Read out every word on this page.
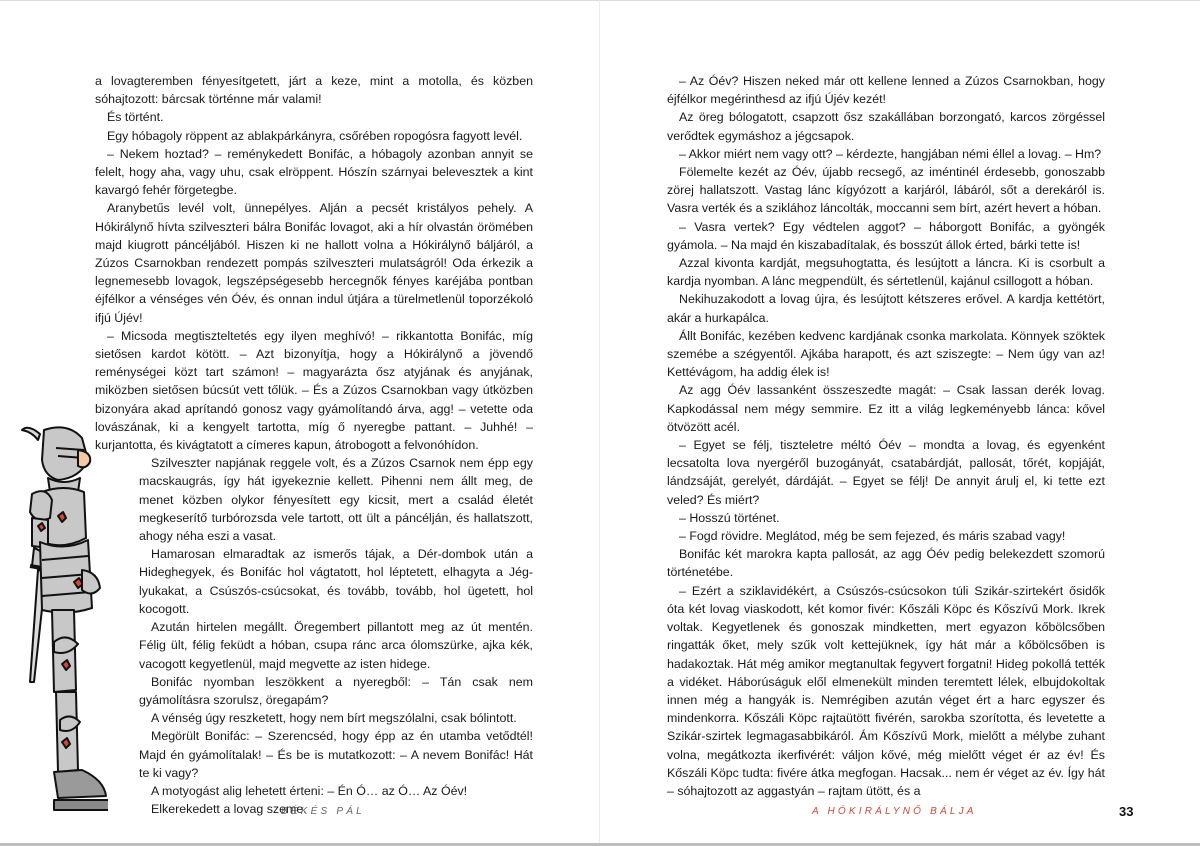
a lovagteremben fényesítgetett, járt a keze, mint a motolla, és közben sóhajtozott: bárcsak történne már valami!

És történt.

Egy hóbagoly röppent az ablakpárkányra, csőrében ropogósra fagyott levél.

– Nekem hoztad? – reménykedett Bonifác, a hóbagoly azonban annyit se felelt, hogy aha, vagy uhu, csak elröppent. Hószín szárnyai belevesztek a kint kavargó fehér förgetegbe.

Aranybetűs levél volt, ünnepélyes. Alján a pecsét kristályos pehely. A Hókirálynő hívta szilveszteri bálra Bonifác lovagot, aki a hír olvastán örömében majd kiugrott páncéljából. Hiszen ki ne hallott volna a Hókirálynő báljáról, a Zúzos Csarnokban rendezett pompás szilveszteri mulatságról! Oda érkezik a legnemesebb lovagok, legszépségesebb hercegnők fényes karéjába pontban éjfélkor a vénséges vén Óév, és onnan indul útjára a türelmetlenül toporzékoló ifjú Újév!

– Micsoda megtiszteltetés egy ilyen meghívó! – rikkantotta Bonifác, míg sietősen kardot kötött. – Azt bizonyítja, hogy a Hókirálynő a jövendő reménységei közt tart számon! – magyarázta ősz atyjának és anyjának, miközben sietősen búcsút vett tőlük. – És a Zúzos Csarnokban vagy útközben bizonyára akad aprítandó gonosz vagy gyámolítandó árva, agg! – vetette oda lovászának, ki a kengyelt tartotta, míg ő nyeregbe pattant. – Juhhé! – kurjantotta, és kivágtatott a címeres kapun, átrobogott a felvonóhídon.

Szilveszter napjának reggele volt, és a Zúzos Csarnok nem épp egy macskaugrás, így hát igyekeznie kellett. Pihenni nem állt meg, de menet közben olykor fényesített egy kicsit, mert a család életét megkeserítő turbórozsda vele tartott, ott ült a páncélján, és hallatszott, ahogy néha eszi a vasat.

Hamarosan elmaradtak az ismerős tájak, a Dér-dombok után a Hideghegyek, és Bonifác hol vágtatott, hol léptetett, elhagyta a Jég-lyukakat, a Csúszós-csúcsokat, és tovább, tovább, hol ügetett, hol kocogott.

Azután hirtelen megállt. Öregembert pillantott meg az út mentén. Félig ült, félig feküdt a hóban, csupa ránc arca ólomszürke, ajka kék, vacogott kegyetlenül, majd megvette az isten hidege.

Bonifác nyomban leszökkent a nyeregből: – Tán csak nem gyámolításra szorulsz, öregapám?

A vénség úgy reszketett, hogy nem bírt megszólalni, csak bólintott.

Megörült Bonifác: – Szerencséd, hogy épp az én utamba vetődtél! Majd én gyámolítalak! – És be is mutatkozott: – A nevem Bonifác! Hát te ki vagy?

A motyogást alig lehetett érteni: – Én Ó… az Ó… Az Óév!

Elkerekedett a lovag szeme.

– Az Óév? Hiszen neked már ott kellene lenned a Zúzos Csarnokban, hogy éjfélkor megérinthesd az ifjú Újév kezét!

Az öreg bólogatott, csapzott ősz szakállában borzongató, karcos zörgéssel verődtek egymáshoz a jégcsapok.

– Akkor miért nem vagy ott? – kérdezte, hangjában némi éllel a lovag. – Hm?

Fölemelte kezét az Óév, újabb recsegő, az iméntinél érdesebb, gonoszabb zörej hallatszott. Vastag lánc kígyózott a karjáról, lábáról, sőt a derekáról is. Vasra verték és a sziklához láncolták, moccanni sem bírt, azért hevert a hóban.

– Vasra vertek? Egy védtelen aggot? – háborgott Bonifác, a gyöngék gyámola. – Na majd én kiszabadítalak, és bosszút állok érted, bárki tette is!

Azzal kivonta kardját, megsuhogtatta, és lesújtott a láncra. Ki is csorbult a kardja nyomban. A lánc megpendült, és sértetlenül, kajánul csillogott a hóban.

Nekihuzakodott a lovag újra, és lesújtott kétszeres erővel. A kardja kettétört, akár a hurkapálca.

Állt Bonifác, kezében kedvenc kardjának csonka markolata. Könnyek szöktek szemébe a szégyentől. Ajkába harapott, és azt sziszegte: – Nem úgy van az! Kettévágom, ha addig élek is!

Az agg Óév lassanként összeszedte magát: – Csak lassan derék lovag. Kapkodással nem mégy semmire. Ez itt a világ legkeményebb lánca: kővel ötvözött acél.

– Egyet se félj, tiszteletre méltó Óév – mondta a lovag, és egyenként lecsatolta lova nyergéről buzogányát, csatabárdját, pallosát, tőrét, kopjáját, lándzsáját, gerelyét, dárdáját. – Egyet se félj! De annyit árulj el, ki tette ezt veled? És miért?

– Hosszú történet.

– Fogd rövidre. Meglátod, még be sem fejezed, és máris szabad vagy!

Bonifác két marokra kapta pallosát, az agg Óév pedig belekezdett szomorú történetébe.

– Ezért a sziklavidékért, a Csúszós-csúcsokon túli Szikár-szirtekért ősidők óta két lovag viaskodott, két komor fivér: Kőszáli Köpc és Kőszívű Mork. Ikrek voltak. Kegyetlenek és gonoszak mindketten, mert egyazon kőbölcsőben ringatták őket, mely szűk volt kettejüknek, így hát már a kőbölcsőben is hadakoztak. Hát még amikor megtanultak fegyvert forgatni! Hideg pokollá tették a vidéket. Háborúságuk elől elmenekült minden teremtett lélek, elbujdokoltak innen még a hangyák is. Nemrégiben azután véget ért a harc egyszer és mindenkorra. Kőszáli Köpc rajtaütött fivérén, sarokba szorította, és levetette a Szikár-szirtek legmagasabbikáról. Ám Kőszívű Mork, mielőtt a mélybe zuhant volna, megátkozta ikerfivérét: váljon kővé, még mielőtt véget ér az év! És Kőszáli Köpc tudta: fivére átka megfogan. Hacsak... nem ér véget az év. Így hát – sóhajtozott az aggastyán – rajtam ütött, és a

BÉKÉS PÁL	A HÓKIRÁLYNŐ BÁLJA	33
